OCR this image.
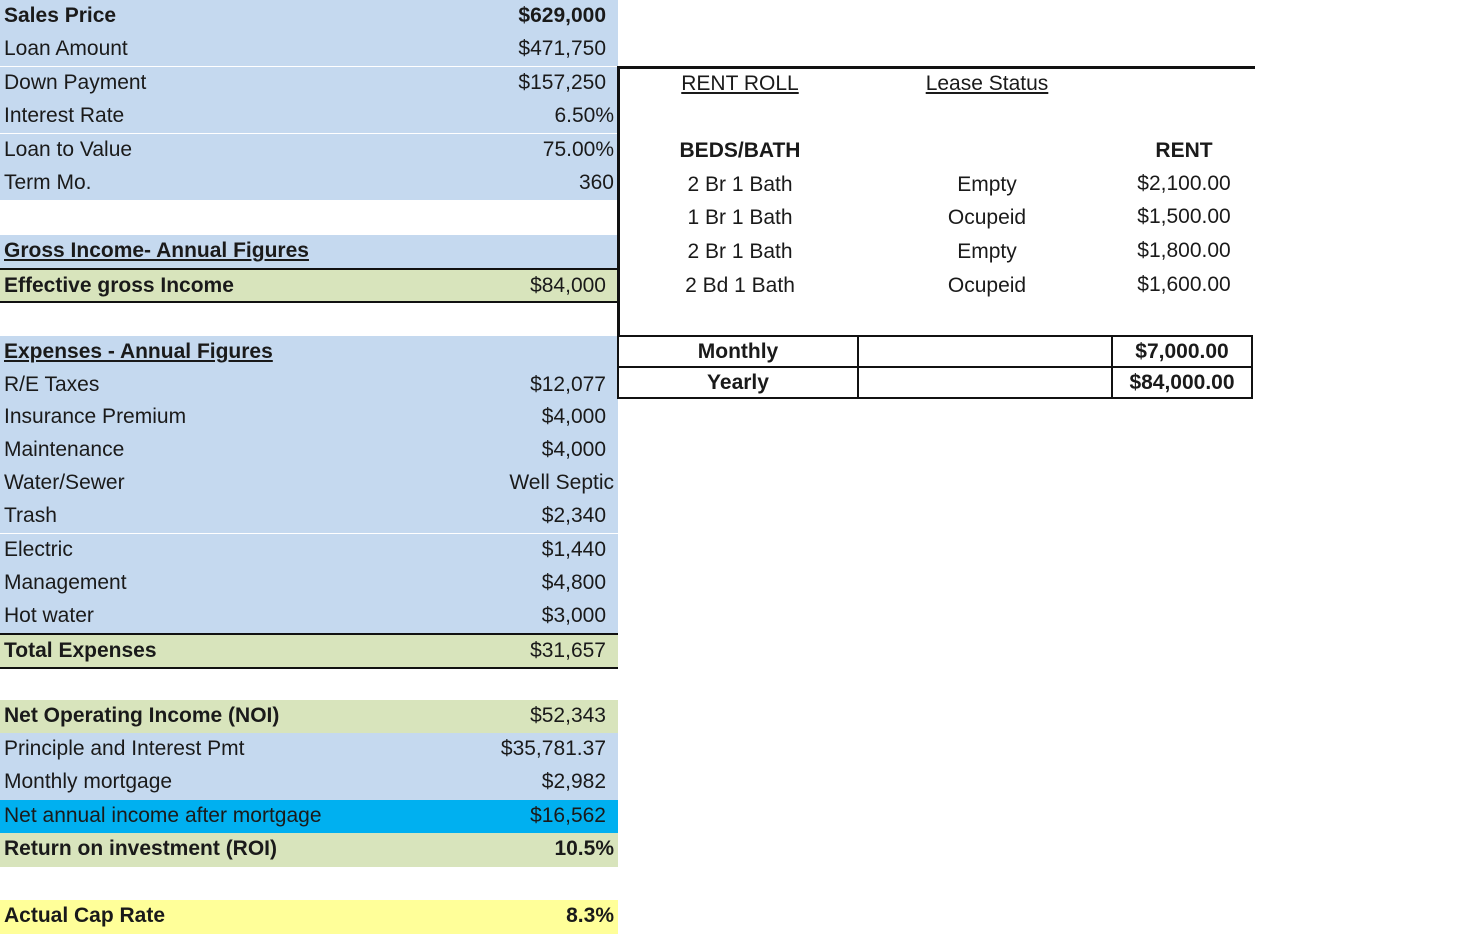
Sales Price	$629,000
Loan Amount	$471,750
Down Payment	$157,250
Interest Rate	6.50%
Loan to Value	75.00%
Term Mo.	360
Gross Income- Annual Figures
Effective gross Income	$84,000
Expenses - Annual Figures
R/E Taxes	$12,077
Insurance Premium	$4,000
Maintenance	$4,000
Water/Sewer	Well Septic
Trash	$2,340
Electric	$1,440
Management	$4,800
Hot water	$3,000
Total Expenses	$31,657
Net Operating Income (NOI)	$52,343
Principle and Interest Pmt	$35,781.37
Monthly mortgage	$2,982
Net annual income after mortgage	$16,562
Return on investment (ROI)	10.5%
Actual Cap Rate	8.3%
RENT ROLL	Lease Status
BEDS/BATH	RENT
2 Br 1 Bath	Empty	$2,100.00
1 Br 1 Bath	Ocupeid	$1,500.00
2 Br 1 Bath	Empty	$1,800.00
2 Bd 1 Bath	Ocupeid	$1,600.00
Monthly		$7,000.00
Yearly		$84,000.00
